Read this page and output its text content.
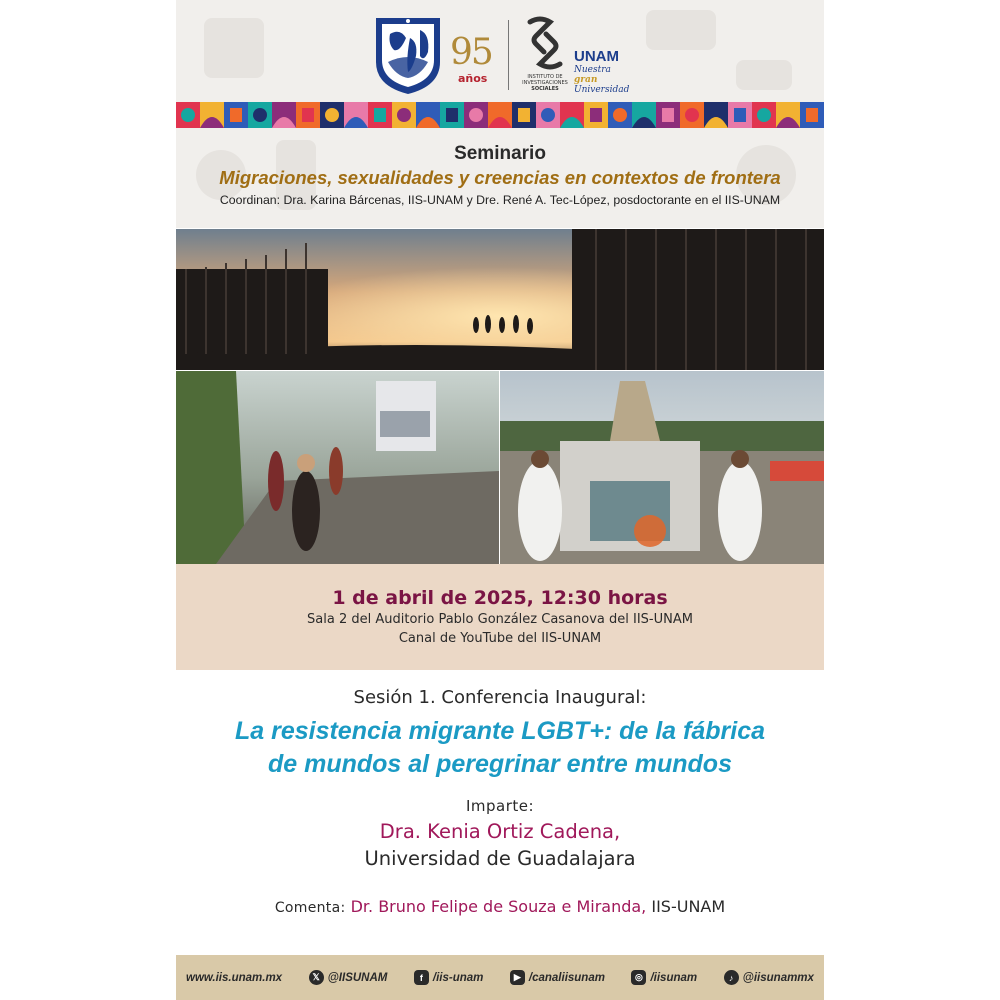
95
años	INSTITUTO DE
INVESTIGACIONES
SOCIALES
UNAM
Nuestra gran
Universidad
Seminario
Migraciones, sexualidades y creencias en contextos de frontera
Coordinan: Dra. Karina Bárcenas, IIS-UNAM y Dre. René A. Tec-López, posdoctorante en el IIS-UNAM
1 de abril de 2025, 12:30 horas
Sala 2 del Auditorio Pablo González Casanova del IIS-UNAM
Canal de YouTube del IIS-UNAM
Sesión 1. Conferencia Inaugural:
La resistencia migrante LGBT+: de la fábrica
de mundos al peregrinar entre mundos
Imparte:
Dra. Kenia Ortiz Cadena,
Universidad de Guadalajara
Comenta: Dr. Bruno Felipe de Souza e Miranda, IIS-UNAM
www.iis.unam.mx	𝕏 @IISUNAM	f /iis-unam	▶ /canaliisunam	◎ /iisunam	♪ @iisunammx
